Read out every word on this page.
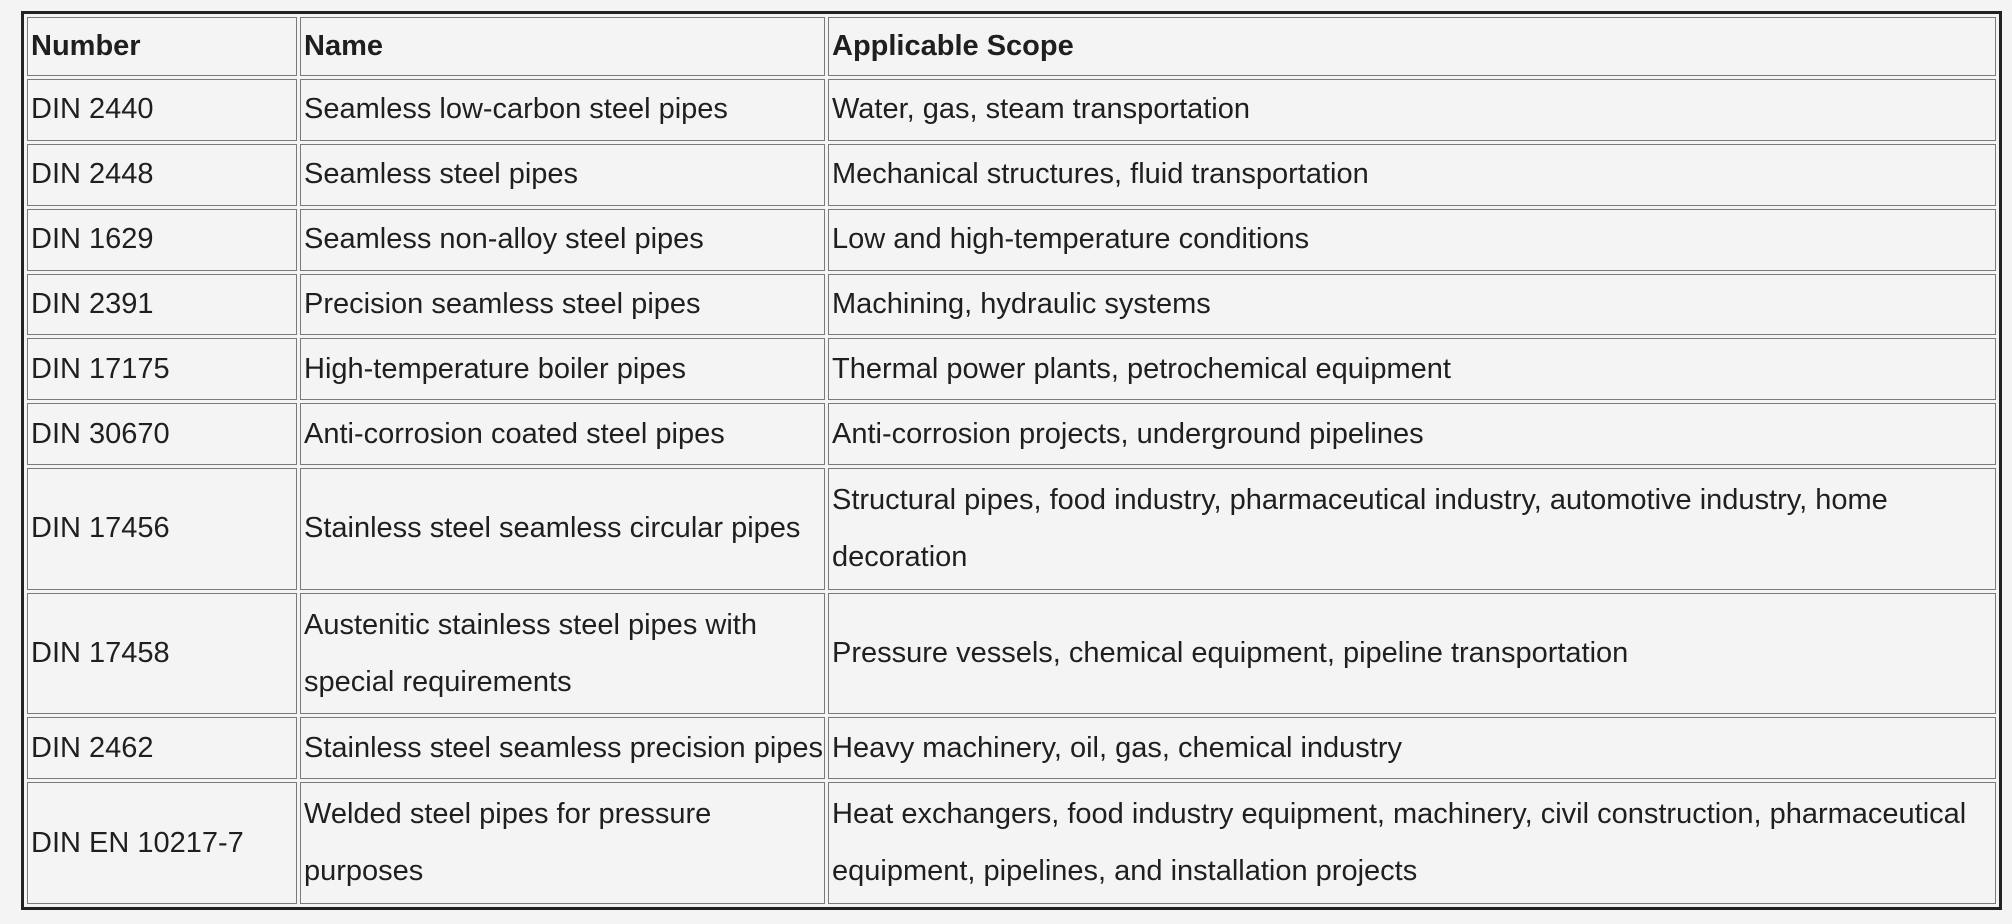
Number	Name	Applicable Scope
DIN 2440	Seamless low-carbon steel pipes	Water, gas, steam transportation
DIN 2448	Seamless steel pipes	Mechanical structures, fluid transportation
DIN 1629	Seamless non-alloy steel pipes	Low and high-temperature conditions
DIN 2391	Precision seamless steel pipes	Machining, hydraulic systems
DIN 17175	High-temperature boiler pipes	Thermal power plants, petrochemical equipment
DIN 30670	Anti-corrosion coated steel pipes	Anti-corrosion projects, underground pipelines
DIN 17456	Stainless steel seamless circular pipes	Structural pipes, food industry, pharmaceutical industry, automotive industry, home decoration
DIN 17458	Austenitic stainless steel pipes with special requirements	Pressure vessels, chemical equipment, pipeline transportation
DIN 2462	Stainless steel seamless precision pipes	Heavy machinery, oil, gas, chemical industry
DIN EN 10217-7	Welded steel pipes for pressure purposes	Heat exchangers, food industry equipment, machinery, civil construction, pharmaceutical equipment, pipelines, and installation projects
